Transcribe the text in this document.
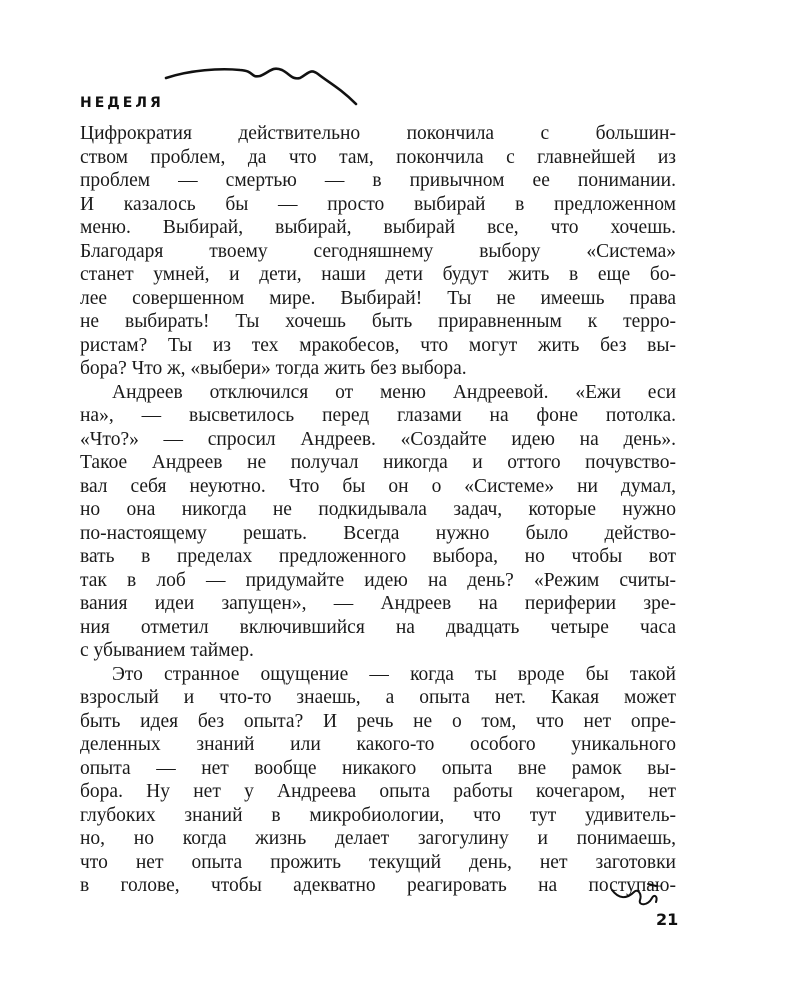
НЕДЕЛЯ
Цифрократия действительно покончила с большин-
ством проблем, да что там, покончила с главнейшей из
проблем — смертью — в привычном ее понимании.
И казалось бы — просто выбирай в предложенном
меню. Выбирай, выбирай, выбирай все, что хочешь.
Благодаря твоему сегодняшнему выбору «Система»
станет умней, и дети, наши дети будут жить в еще бо-
лее совершенном мире. Выбирай! Ты не имеешь права
не выбирать! Ты хочешь быть приравненным к терро-
ристам? Ты из тех мракобесов, что могут жить без вы-
бора? Что ж, «выбери» тогда жить без выбора.
Андреев отключился от меню Андреевой. «Ежи еси
на», — высветилось перед глазами на фоне потолка.
«Что?» — спросил Андреев. «Создайте идею на день».
Такое Андреев не получал никогда и оттого почувство-
вал себя неуютно. Что бы он о «Системе» ни думал,
но она никогда не подкидывала задач, которые нужно
по-настоящему решать. Всегда нужно было действо-
вать в пределах предложенного выбора, но чтобы вот
так в лоб — придумайте идею на день? «Режим считы-
вания идеи запущен», — Андреев на периферии зре-
ния отметил включившийся на двадцать четыре часа
с убыванием таймер.
Это странное ощущение — когда ты вроде бы такой
взрослый и что-то знаешь, а опыта нет. Какая может
быть идея без опыта? И речь не о том, что нет опре-
деленных знаний или какого-то особого уникального
опыта — нет вообще никакого опыта вне рамок вы-
бора. Ну нет у Андреева опыта работы кочегаром, нет
глубоких знаний в микробиологии, что тут удивитель-
но, но когда жизнь делает загогулину и понимаешь,
что нет опыта прожить текущий день, нет заготовки
в голове, чтобы адекватно реагировать на поступаю-
21
